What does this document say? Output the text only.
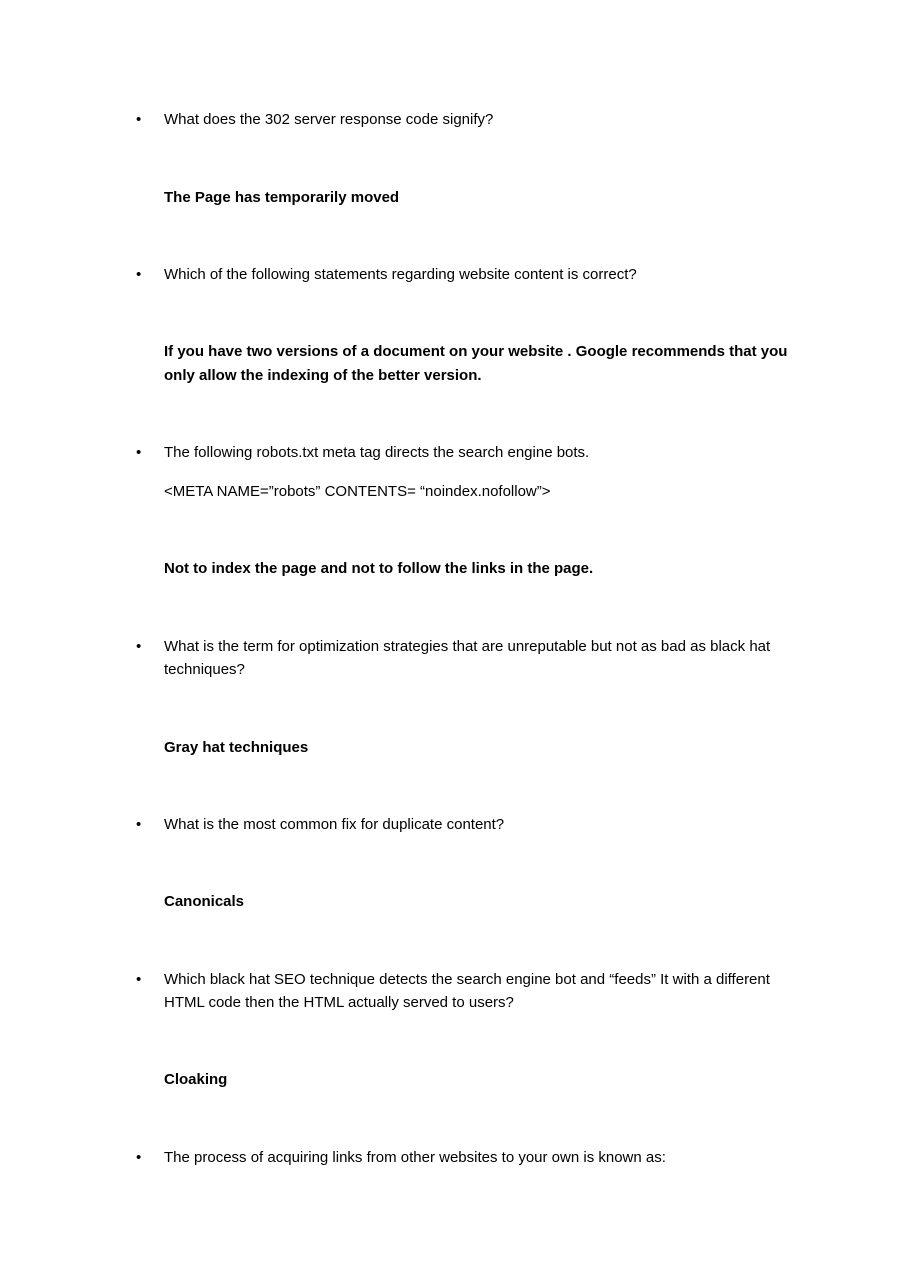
• What does the 302 server response code signify?
The Page has temporarily moved
• Which of the following statements regarding website content is correct?
If you have two versions of a document on your website . Google recommends that you
only allow the indexing of the better version.
• The following robots.txt meta tag directs the search engine bots.
<META NAME=”robots” CONTENTS= “noindex.nofollow”>
Not to index the page and not to follow the links in the page.
• What is the term for optimization strategies that are unreputable but not as bad as black hat
techniques?
Gray hat techniques
• What is the most common fix for duplicate content?
Canonicals
• Which black hat SEO technique detects the search engine bot and “feeds” It with a different
HTML code then the HTML actually served to users?
Cloaking
• The process of acquiring links from other websites to your own is known as:
